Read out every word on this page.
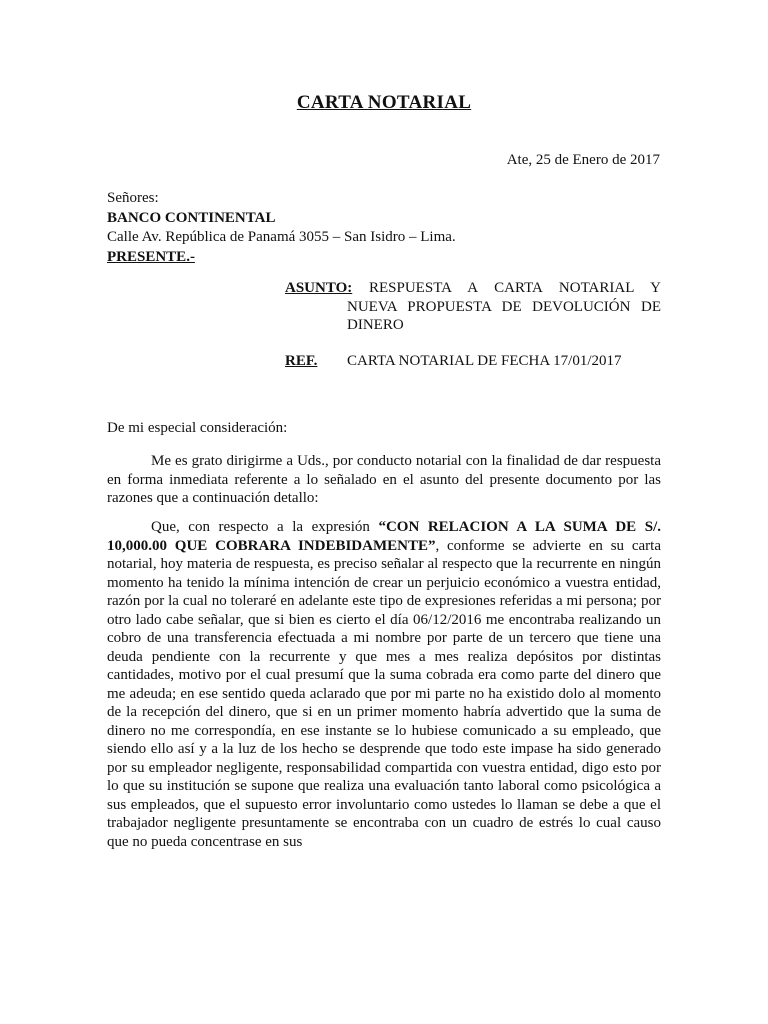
CARTA NOTARIAL
Ate, 25 de Enero de 2017
Señores:
BANCO CONTINENTAL
Calle Av. República de Panamá 3055 – San Isidro – Lima.
PRESENTE.-
ASUNTO:	RESPUESTA A CARTA NOTARIAL Y NUEVA PROPUESTA DE DEVOLUCIÓN DE DINERO
REF. CARTA NOTARIAL DE FECHA 17/01/2017
De mi especial consideración:

Me es grato dirigirme a Uds., por conducto notarial con la finalidad de dar respuesta en forma inmediata referente a lo señalado en el asunto del presente documento por las razones que a continuación detallo:

Que, con respecto a la expresión “CON RELACION A LA SUMA DE S/. 10,000.00 QUE COBRARA INDEBIDAMENTE”, conforme se advierte en su carta notarial, hoy materia de respuesta, es preciso señalar al respecto que la recurrente en ningún momento ha tenido la mínima intención de crear un perjuicio económico a vuestra entidad, razón por la cual no toleraré en adelante este tipo de expresiones referidas a mi persona; por otro lado cabe señalar, que si bien es cierto el día 06/12/2016 me encontraba realizando un cobro de una transferencia efectuada a mi nombre por parte de un tercero que tiene una deuda pendiente con la recurrente y que mes a mes realiza depósitos por distintas cantidades, motivo por el cual presumí que la suma cobrada era como parte del dinero que me adeuda; en ese sentido queda aclarado que por mi parte no ha existido dolo al momento de la recepción del dinero, que si en un primer momento habría advertido que la suma de dinero no me correspondía, en ese instante se lo hubiese comunicado a su empleado, que siendo ello así y a la luz de los hecho se desprende que todo este impase ha sido generado por su empleador negligente, responsabilidad compartida con vuestra entidad, digo esto por lo que su institución se supone que realiza una evaluación tanto laboral como psicológica a sus empleados, que el supuesto error involuntario como ustedes lo llaman se debe a que el trabajador negligente presuntamente se encontraba con un cuadro de estrés lo cual causo que no pueda concentrase en sus
